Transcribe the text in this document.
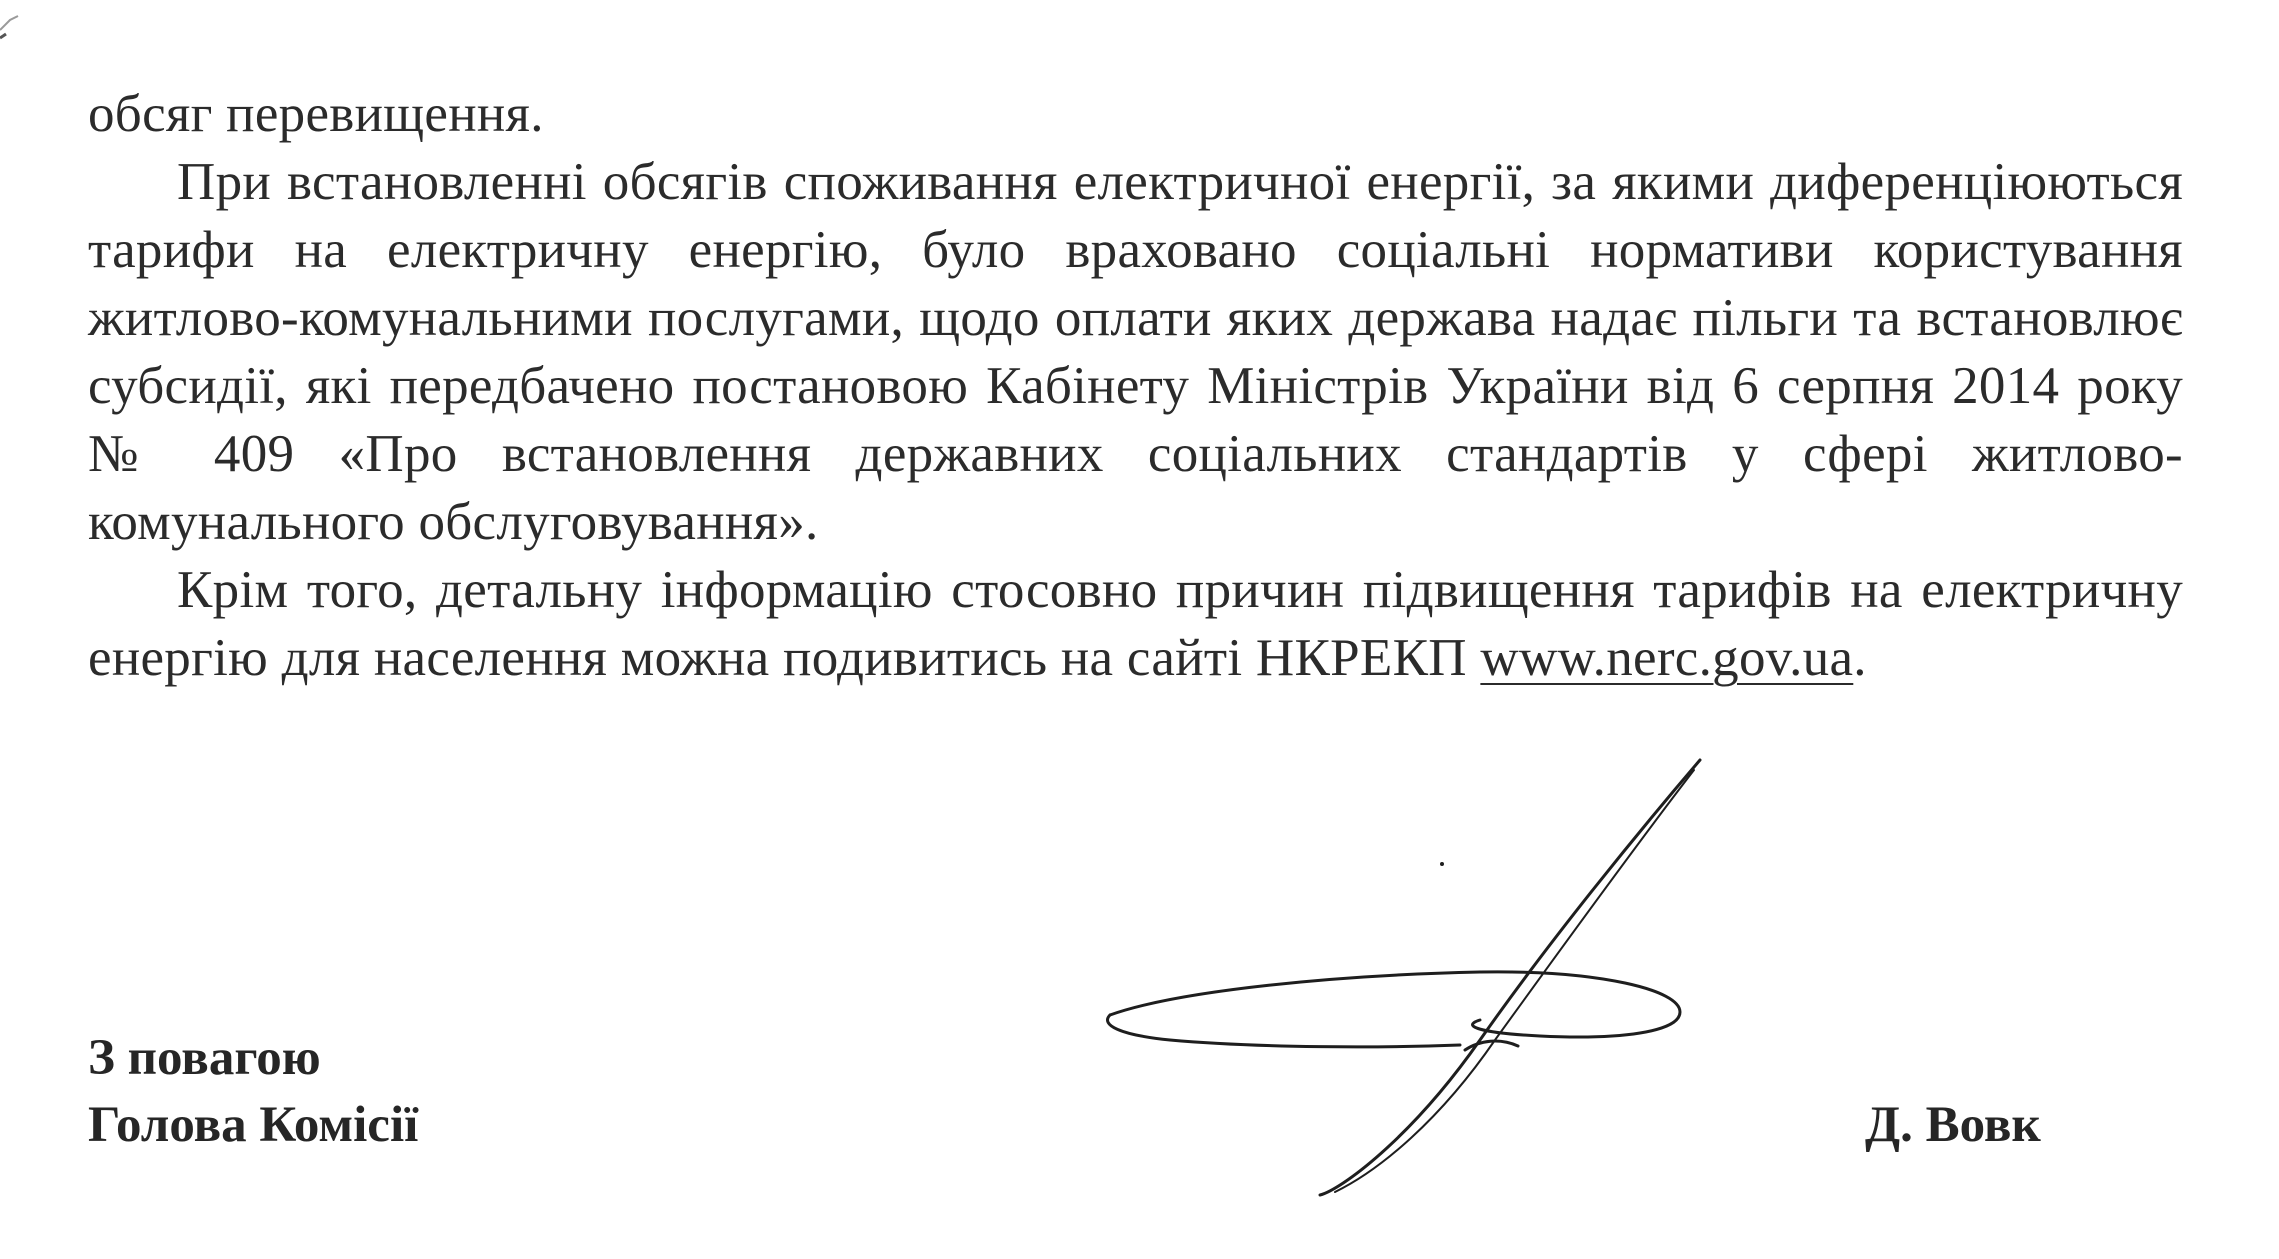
обсяг перевищення.

При встановленні обсягів споживання електричної енергії, за якими диференціюються тарифи на електричну енергію, було враховано соціальні нормативи користування житлово-комунальними послугами, щодо оплати яких держава надає пільги та встановлює субсидії, які передбачено постановою Кабінету Міністрів України від 6 серпня 2014 року № 409 «Про встановлення державних соціальних стандартів у сфері житлово-комунального обслуговування».

Крім того, детальну інформацію стосовно причин підвищення тарифів на електричну енергію для населення можна подивитись на сайті НКРЕКП www.nerc.gov.ua.

З повагою
Голова Комісії	Д. Вовк
